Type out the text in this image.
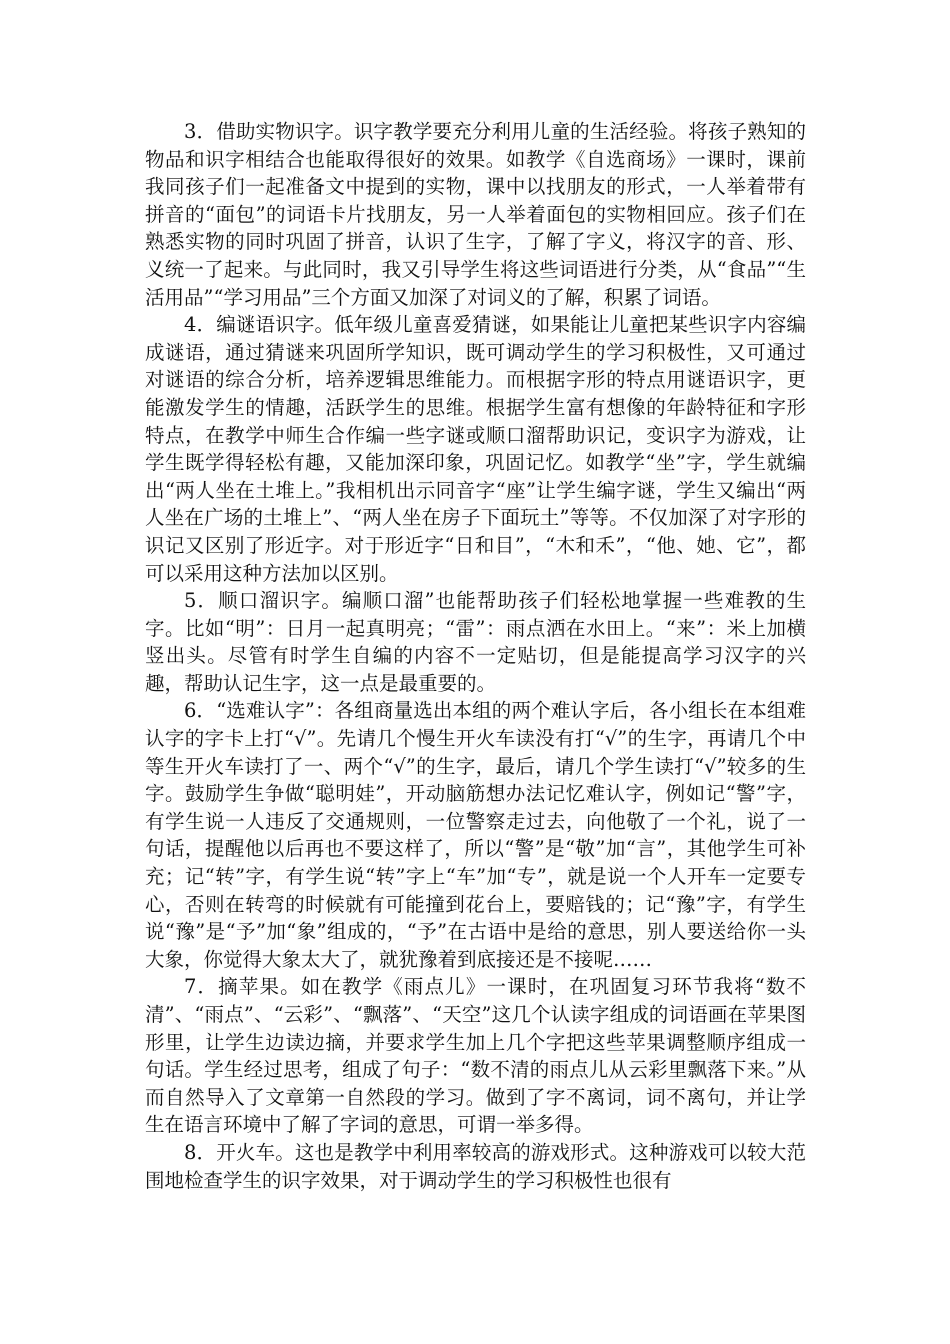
3．借助实物识字。识字教学要充分利用儿童的生活经验。将孩子熟知的物品和识字相结合也能取得很好的效果。如教学《自选商场》一课时，课前我同孩子们一起准备文中提到的实物，课中以找朋友的形式，一人举着带有拼音的“面包”的词语卡片找朋友，另一人举着面包的实物相回应。孩子们在熟悉实物的同时巩固了拼音，认识了生字，了解了字义，将汉字的音、形、义统一了起来。与此同时，我又引导学生将这些词语进行分类，从“食品”“生活用品”“学习用品”三个方面又加深了对词义的了解，积累了词语。

4．编谜语识字。低年级儿童喜爱猜谜，如果能让儿童把某些识字内容编成谜语，通过猜谜来巩固所学知识，既可调动学生的学习积极性，又可通过对谜语的综合分析，培养逻辑思维能力。而根据字形的特点用谜语识字，更能激发学生的情趣，活跃学生的思维。根据学生富有想像的年龄特征和字形特点，在教学中师生合作编一些字谜或顺口溜帮助识记，变识字为游戏，让学生既学得轻松有趣，又能加深印象，巩固记忆。如教学“坐”字，学生就编出“两人坐在土堆上。”我相机出示同音字“座”让学生编字谜，学生又编出“两人坐在广场的土堆上”、“两人坐在房子下面玩土”等等。不仅加深了对字形的识记又区别了形近字。对于形近字“日和目”，“木和禾”，“他、她、它”，都可以采用这种方法加以区别。

5．顺口溜识字。编顺口溜”也能帮助孩子们轻松地掌握一些难教的生字。比如“明”：日月一起真明亮；“雷”：雨点洒在水田上。“来”：米上加横竖出头。尽管有时学生自编的内容不一定贴切，但是能提高学习汉字的兴趣，帮助认记生字，这一点是最重要的。

6．“选难认字”：各组商量选出本组的两个难认字后，各小组长在本组难认字的字卡上打“√”。先请几个慢生开火车读没有打“√”的生字，再请几个中等生开火车读打了一、两个“√”的生字，最后，请几个学生读打“√”较多的生字。鼓励学生争做“聪明娃”，开动脑筋想办法记忆难认字，例如记“警”字，有学生说一人违反了交通规则，一位警察走过去，向他敬了一个礼，说了一句话，提醒他以后再也不要这样了，所以“警”是“敬”加“言”，其他学生可补充；记“转”字，有学生说“转”字上“车”加“专”，就是说一个人开车一定要专心，否则在转弯的时候就有可能撞到花台上，要赔钱的；记“豫”字，有学生说“豫”是“予”加“象”组成的，“予”在古语中是给的意思，别人要送给你一头大象，你觉得大象太大了，就犹豫着到底接还是不接呢……

7．摘苹果。如在教学《雨点儿》一课时，在巩固复习环节我将“数不清”、“雨点”、“云彩”、“飘落”、“天空”这几个认读字组成的词语画在苹果图形里，让学生边读边摘，并要求学生加上几个字把这些苹果调整顺序组成一句话。学生经过思考，组成了句子：“数不清的雨点儿从云彩里飘落下来。”从而自然导入了文章第一自然段的学习。做到了字不离词，词不离句，并让学生在语言环境中了解了字词的意思，可谓一举多得。

8．开火车。这也是教学中利用率较高的游戏形式。这种游戏可以较大范围地检查学生的识字效果，对于调动学生的学习积极性也很有
